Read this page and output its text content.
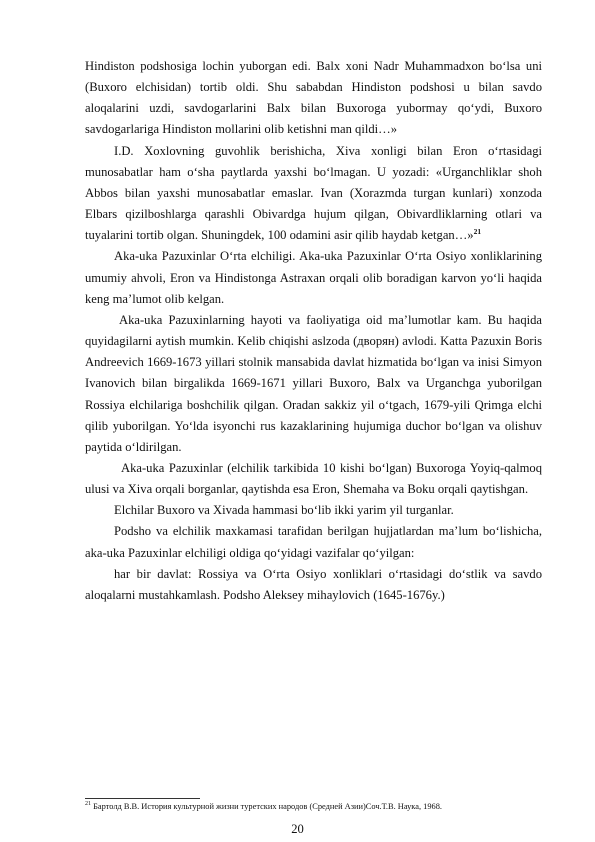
Hindiston podshosiga lochin yuborgan edi. Balx xoni Nadr Muhammadxon bo‘lsa uni (Buxoro elchisidan) tortib oldi. Shu sababdan Hindiston podshosi u bilan savdo aloqalarini uzdi, savdogarlarini Balx bilan Buxoroga yubormay qo‘ydi, Buxoro savdogarlariga Hindiston mollarini olib ketishni man qildi…»

I.D. Xoxlovning guvohlik berishicha, Xiva xonligi bilan Eron o‘rtasidagi munosabatlar ham o‘sha paytlarda yaxshi bo‘lmagan. U yozadi: «Urganchliklar shoh Abbos bilan yaxshi munosabatlar emaslar. Ivan (Xorazmda turgan kunlari) xonzoda Elbars qizilboshlarga qarashli Obivardga hujum qilgan, Obivardliklarning otlari va tuyalarini tortib olgan. Shuningdek, 100 odamini asir qilib haydab ketgan…»$^{21}$

Aka-uka Pazuxinlar O‘rta elchiligi. Aka-uka Pazuxinlar O‘rta Osiyo xonliklarining umumiy ahvoli, Eron va Hindistonga Astraxan orqali olib boradigan karvon yo‘li haqida keng ma’lumot olib kelgan.

Aka-uka Pazuxinlarning hayoti va faoliyatiga oid ma’lumotlar kam. Bu haqida quyidagilarni aytish mumkin. Kelib chiqishi aslzoda (дворян) avlodi. Katta Pazuxin Boris Andreevich 1669-1673 yillari stolnik mansabida davlat hizmatida bo‘lgan va inisi Simyon Ivanovich bilan birgalikda 1669-1671 yillari Buxoro, Balx va Urganchga yuborilgan Rossiya elchilariga boshchilik qilgan. Oradan sakkiz yil o‘tgach, 1679-yili Qrimga elchi qilib yuborilgan. Yo‘lda isyonchi rus kazaklarining hujumiga duchor bo‘lgan va olishuv paytida o‘ldirilgan.

Aka-uka Pazuxinlar (elchilik tarkibida 10 kishi bo‘lgan) Buxoroga Yoyiq-qalmoq ulusi va Xiva orqali borganlar, qaytishda esa Eron, Shemaha va Boku orqali qaytishgan.

Elchilar Buxoro va Xivada hammasi bo‘lib ikki yarim yil turganlar.

Podsho va elchilik maxkamasi tarafidan berilgan hujjatlardan ma’lum bo‘lishicha, aka-uka Pazuxinlar elchiligi oldiga qo‘yidagi vazifalar qo‘yilgan:

har bir davlat: Rossiya va O‘rta Osiyo xonliklari o‘rtasidagi do‘stlik va savdo aloqalarni mustahkamlash. Podsho Aleksey mihaylovich (1645-1676y.)

$^{21}$ Бартолд В.В. История культурной жизни туретских народов (Средней Азии)Соч.Т.В. Наука, 1968.
20
